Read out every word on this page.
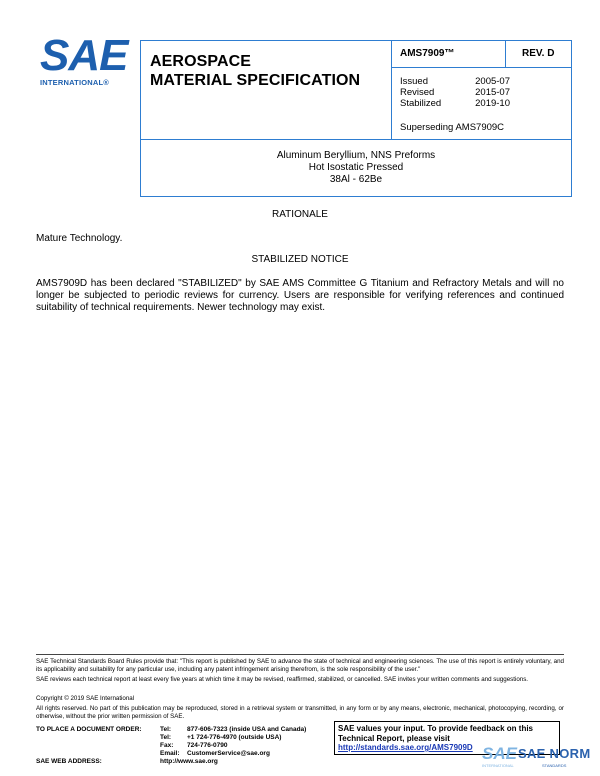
SAE
INTERNATIONAL®
AEROSPACE
MATERIAL SPECIFICATION
AMS7909™	REV. D
Issued	2005-07
Revised	2015-07
Stabilized	2019-10
Superseding AMS7909C
Aluminum Beryllium, NNS Preforms
Hot Isostatic Pressed
38Al - 62Be
RATIONALE
Mature Technology.
STABILIZED NOTICE
AMS7909D has been declared "STABILIZED" by SAE AMS Committee G Titanium and Refractory Metals and will no longer be subjected to periodic reviews for currency. Users are responsible for verifying references and continued suitability of technical requirements. Newer technology may exist.
SAE Technical Standards Board Rules provide that: "This report is published by SAE to advance the state of technical and engineering sciences. The use of this report is entirely voluntary, and its applicability and suitability for any particular use, including any patent infringement arising therefrom, is the sole responsibility of the user."
SAE reviews each technical report at least every five years at which time it may be revised, reaffirmed, stabilized, or cancelled. SAE invites your written comments and suggestions.
Copyright © 2019 SAE International
All rights reserved. No part of this publication may be reproduced, stored in a retrieval system or transmitted, in any form or by any means, electronic, mechanical, photocopying, recording, or otherwise, without the prior written permission of SAE.
TO PLACE A DOCUMENT ORDER:	Tel:	877-606-7323 (inside USA and Canada)
Tel:	+1 724-776-4970 (outside USA)
Fax:	724-776-0790
Email:	CustomerService@sae.org
SAE WEB ADDRESS:	http://www.sae.org
SAE values your input. To provide feedback on this
Technical Report, please visit
http://standards.sae.org/AMS7909D SAE SAE NORM
INTERNATIONAL	STANDARDS
